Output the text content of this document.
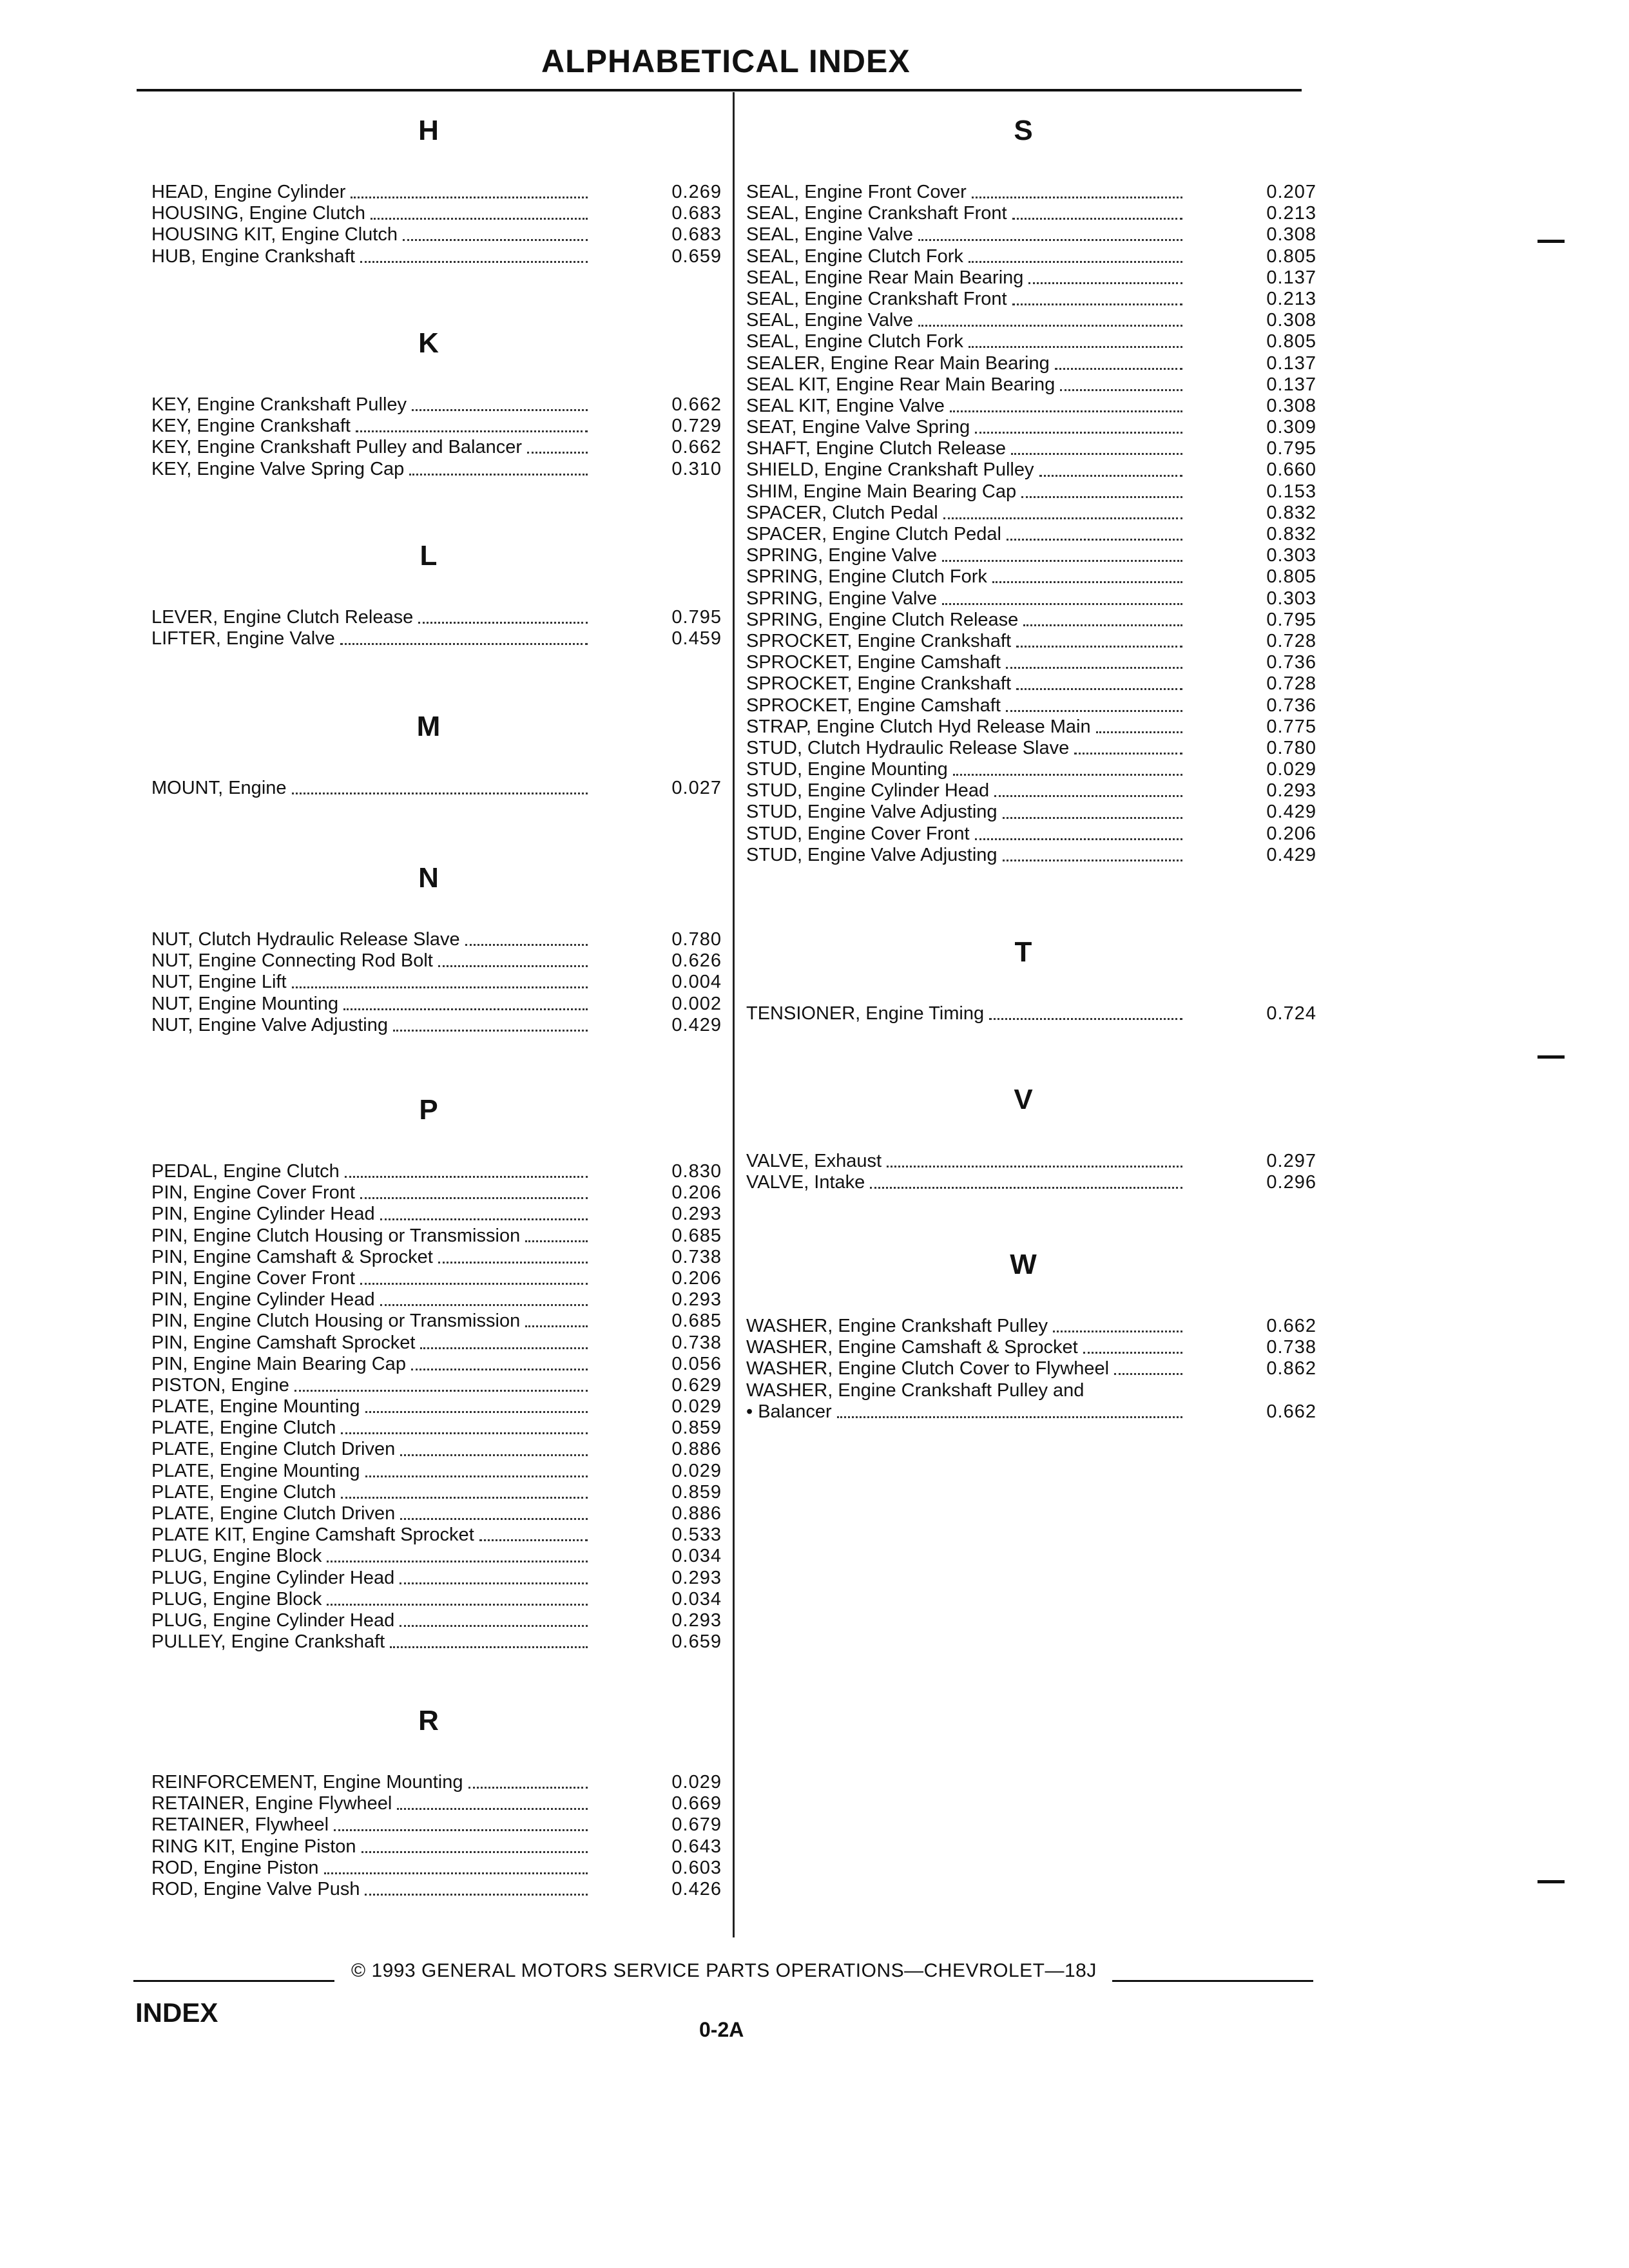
ALPHABETICAL INDEX
H
HEAD, Engine Cylinder	0.269
HOUSING, Engine Clutch	0.683
HOUSING KIT, Engine Clutch	0.683
HUB, Engine Crankshaft	0.659
K
KEY, Engine Crankshaft Pulley	0.662
KEY, Engine Crankshaft	0.729
KEY, Engine Crankshaft Pulley and Balancer	0.662
KEY, Engine Valve Spring Cap	0.310
L
LEVER, Engine Clutch Release	0.795
LIFTER, Engine Valve	0.459
M
MOUNT, Engine	0.027
N
NUT, Clutch Hydraulic Release Slave	0.780
NUT, Engine Connecting Rod Bolt	0.626
NUT, Engine Lift	0.004
NUT, Engine Mounting	0.002
NUT, Engine Valve Adjusting	0.429
P
PEDAL, Engine Clutch	0.830
PIN, Engine Cover Front	0.206
PIN, Engine Cylinder Head	0.293
PIN, Engine Clutch Housing or Transmission	0.685
PIN, Engine Camshaft & Sprocket	0.738
PIN, Engine Cover Front	0.206
PIN, Engine Cylinder Head	0.293
PIN, Engine Clutch Housing or Transmission	0.685
PIN, Engine Camshaft Sprocket	0.738
PIN, Engine Main Bearing Cap	0.056
PISTON, Engine	0.629
PLATE, Engine Mounting	0.029
PLATE, Engine Clutch	0.859
PLATE, Engine Clutch Driven	0.886
PLATE, Engine Mounting	0.029
PLATE, Engine Clutch	0.859
PLATE, Engine Clutch Driven	0.886
PLATE KIT, Engine Camshaft Sprocket	0.533
PLUG, Engine Block	0.034
PLUG, Engine Cylinder Head	0.293
PLUG, Engine Block	0.034
PLUG, Engine Cylinder Head	0.293
PULLEY, Engine Crankshaft	0.659
R
REINFORCEMENT, Engine Mounting	0.029
RETAINER, Engine Flywheel	0.669
RETAINER, Flywheel	0.679
RING KIT, Engine Piston	0.643
ROD, Engine Piston	0.603
ROD, Engine Valve Push	0.426
S
SEAL, Engine Front Cover	0.207
SEAL, Engine Crankshaft Front	0.213
SEAL, Engine Valve	0.308
SEAL, Engine Clutch Fork	0.805
SEAL, Engine Rear Main Bearing	0.137
SEAL, Engine Crankshaft Front	0.213
SEAL, Engine Valve	0.308
SEAL, Engine Clutch Fork	0.805
SEALER, Engine Rear Main Bearing	0.137
SEAL KIT, Engine Rear Main Bearing	0.137
SEAL KIT, Engine Valve	0.308
SEAT, Engine Valve Spring	0.309
SHAFT, Engine Clutch Release	0.795
SHIELD, Engine Crankshaft Pulley	0.660
SHIM, Engine Main Bearing Cap	0.153
SPACER, Clutch Pedal	0.832
SPACER, Engine Clutch Pedal	0.832
SPRING, Engine Valve	0.303
SPRING, Engine Clutch Fork	0.805
SPRING, Engine Valve	0.303
SPRING, Engine Clutch Release	0.795
SPROCKET, Engine Crankshaft	0.728
SPROCKET, Engine Camshaft	0.736
SPROCKET, Engine Crankshaft	0.728
SPROCKET, Engine Camshaft	0.736
STRAP, Engine Clutch Hyd Release Main	0.775
STUD, Clutch Hydraulic Release Slave	0.780
STUD, Engine Mounting	0.029
STUD, Engine Cylinder Head	0.293
STUD, Engine Valve Adjusting	0.429
STUD, Engine Cover Front	0.206
STUD, Engine Valve Adjusting	0.429
T
TENSIONER, Engine Timing	0.724
V
VALVE, Exhaust	0.297
VALVE, Intake	0.296
W
WASHER, Engine Crankshaft Pulley	0.662
WASHER, Engine Camshaft & Sprocket	0.738
WASHER, Engine Clutch Cover to Flywheel	0.862
WASHER, Engine Crankshaft Pulley and
• Balancer	0.662
© 1993 GENERAL MOTORS SERVICE PARTS OPERATIONS—CHEVROLET—18J
INDEX
0-2A
